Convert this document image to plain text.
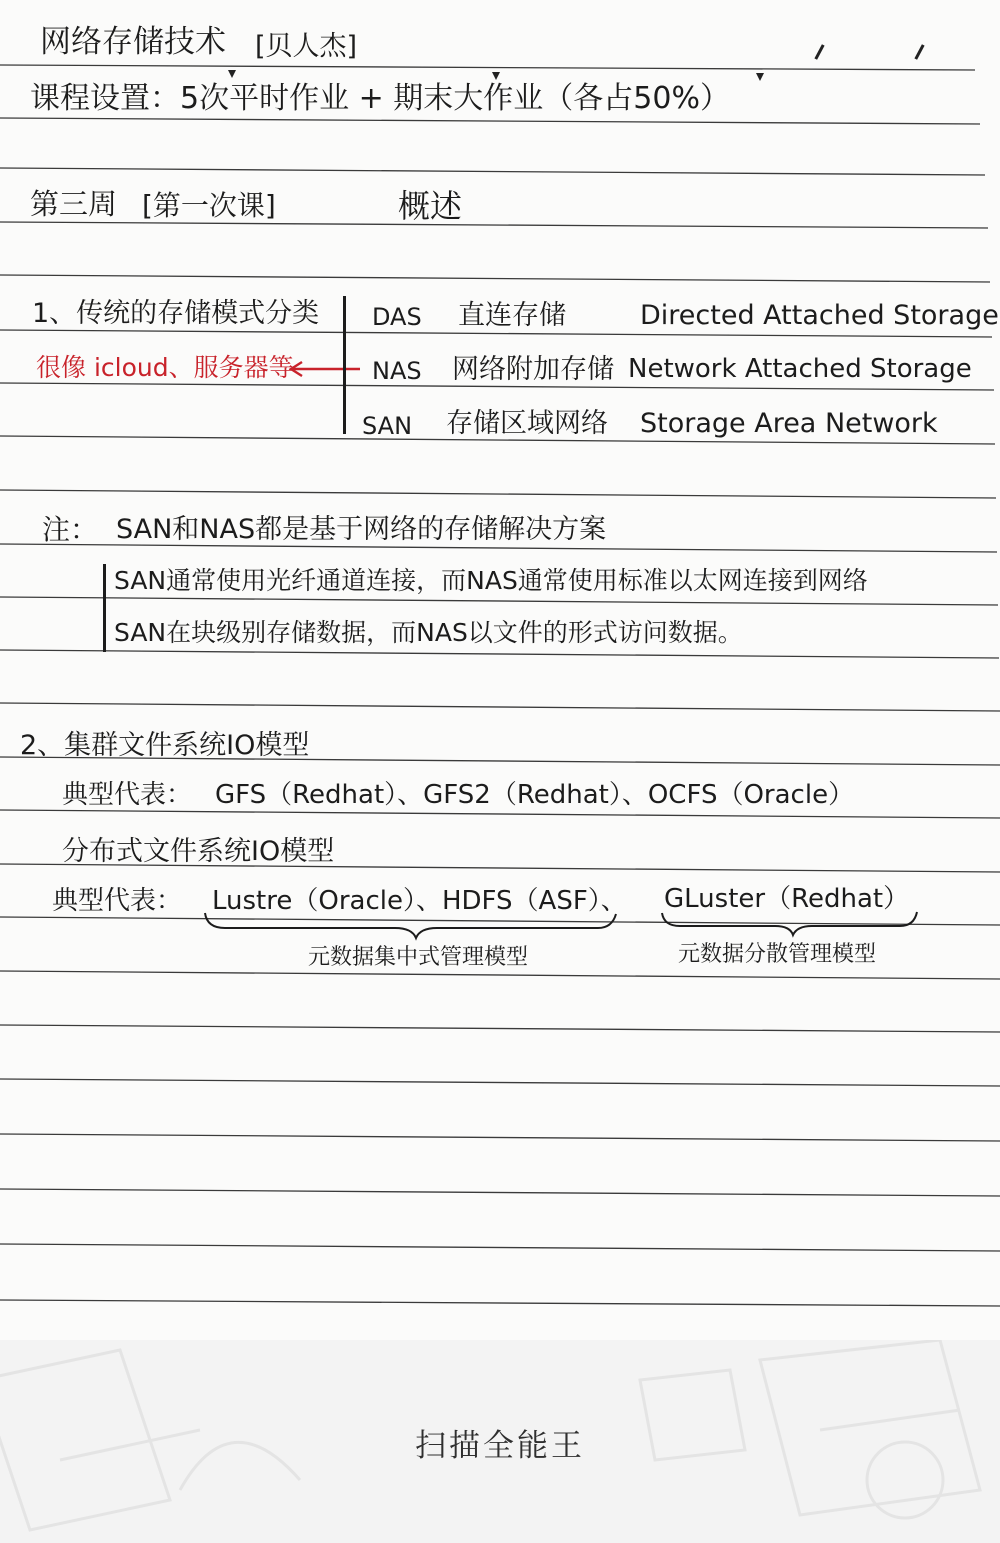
网络存储技术 [贝人杰]
课程设置：5次平时作业 + 期末大作业（各占50%）
第三周 [第一次课]	概述
1、传统的存储模式分类
很像 icloud、服务器等
DAS 直连存储	Directed Attached Storage
NAS 网络附加存储 Network Attached Storage
SAN 存储区域网络 Storage Area Network
注： SAN和NAS都是基于网络的存储解决方案
SAN通常使用光纤通道连接，而NAS通常使用标准以太网连接到网络
SAN在块级别存储数据，而NAS以文件的形式访问数据。
2、集群文件系统IO模型
典型代表： GFS（Redhat）、GFS2（Redhat）、OCFS（Oracle）
分布式文件系统IO模型
典型代表： Lustre（Oracle）、HDFS（ASF）、 GLuster（Redhat）
元数据集中式管理模型	元数据分散管理模型
扫描全能王
